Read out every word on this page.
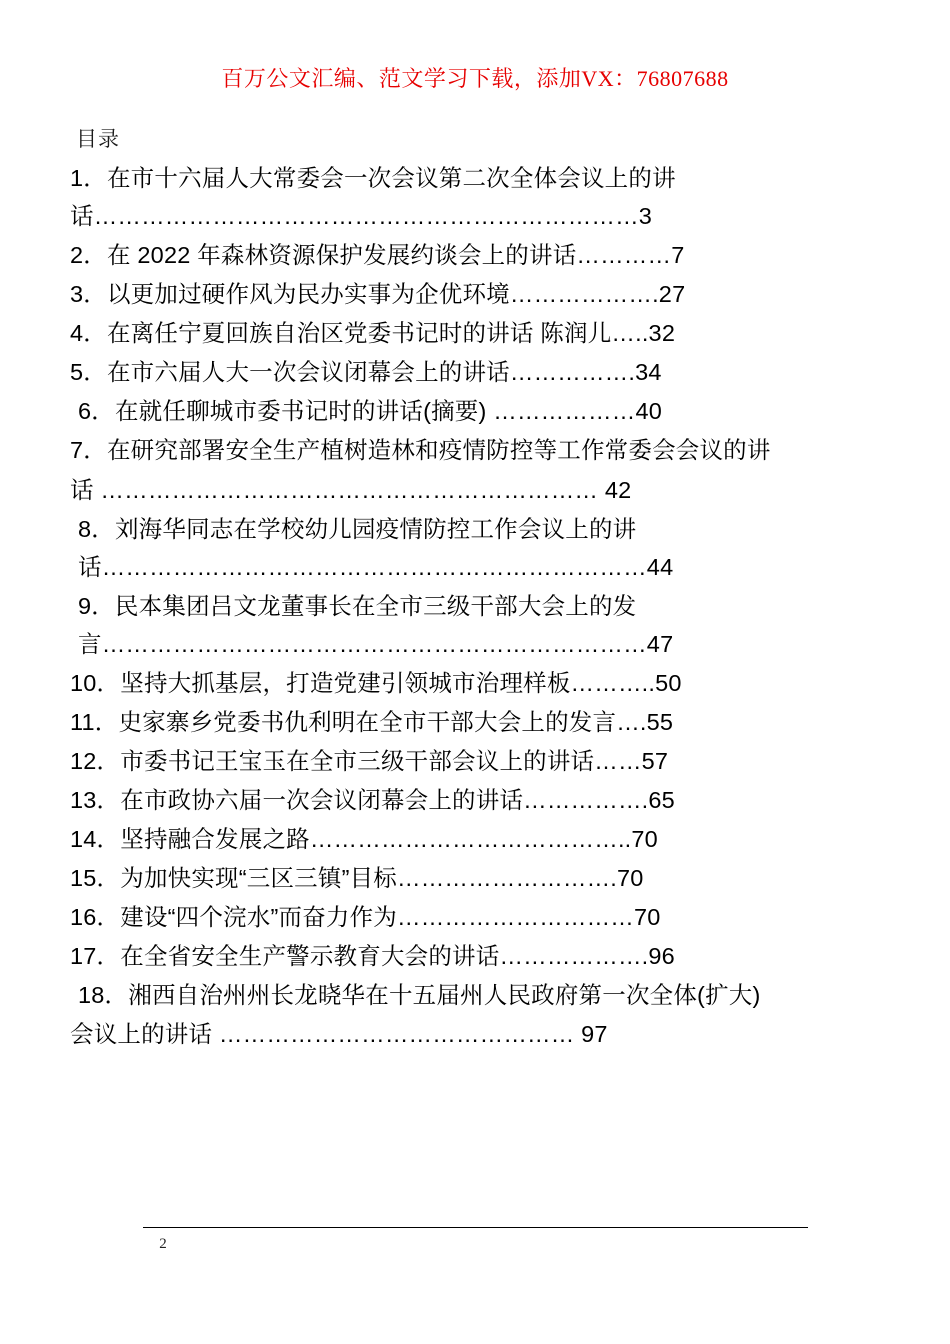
百万公文汇编、范文学习下载，添加VX：76807688
目录
1．在市十六届人大常委会一次会议第二次全体会议上的讲话……………………………………………………………3
2．在 2022 年森林资源保护发展约谈会上的讲话…………7
3．以更加过硬作风为民办实事为企优环境……………….27
4．在离任宁夏回族自治区党委书记时的讲话 陈润儿…..32
5．在市六届人大一次会议闭幕会上的讲话…………….34
6．在就任聊城市委书记时的讲话(摘要) ………………40
7．在研究部署安全生产植树造林和疫情防控等工作常委会会议的讲
话 ……………………………………………………… 42
8．刘海华同志在学校幼儿园疫情防控工作会议上的讲话……………………………………………………………44
9．民本集团吕文龙董事长在全市三级干部大会上的发言……………………………………………………………47
10．坚持大抓基层，打造党建引领城市治理样板………..50
11．史家寨乡党委书仇利明在全市干部大会上的发言….55
12．市委书记王宝玉在全市三级干部会议上的讲话……57
13．在市政协六届一次会议闭幕会上的讲话…………….65
14．坚持融合发展之路…………………………………..70
15．为加快实现“三区三镇”目标……………………….70
16．建设“四个浣水”而奋力作为…………………………70
17．在全省安全生产警示教育大会的讲话……………….96
18．湘西自治州州长龙晓华在十五届州人民政府第一次全体(扩大)
会议上的讲话 ……………………………………… 97
2
